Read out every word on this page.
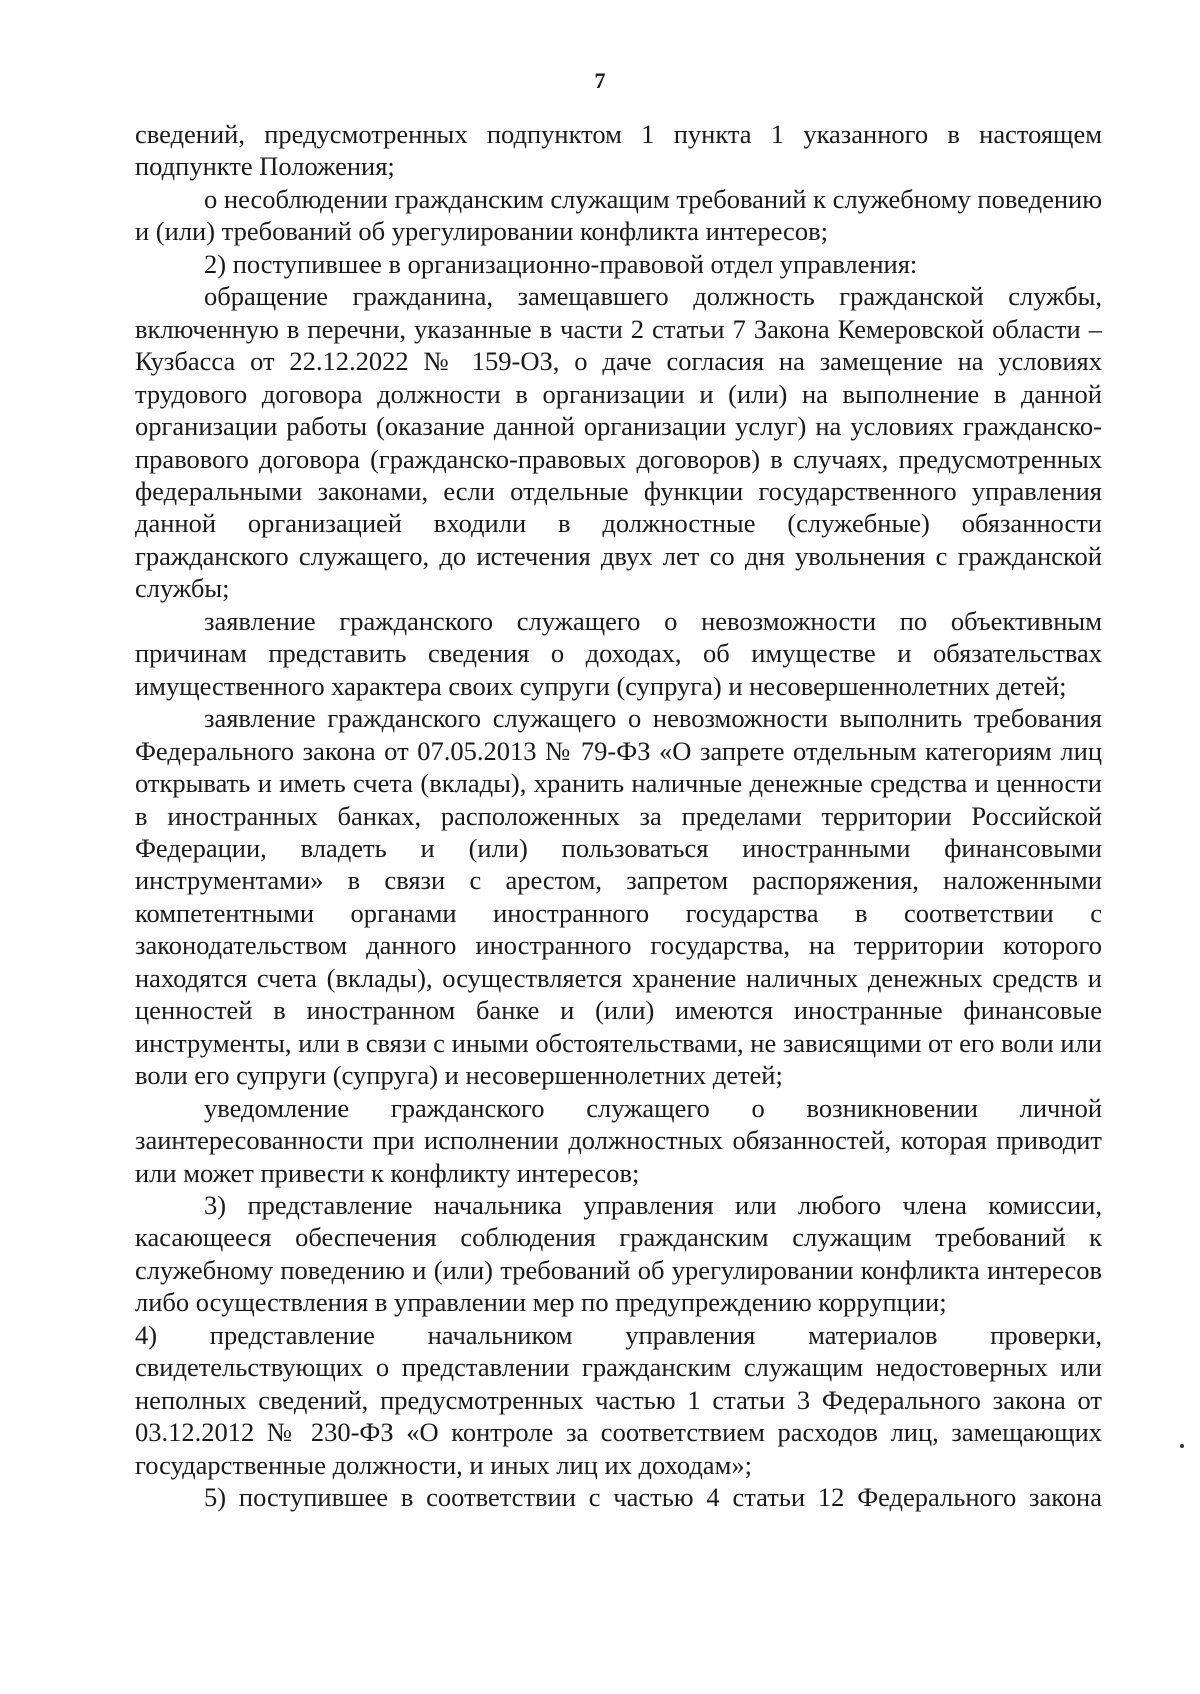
7

сведений, предусмотренных подпунктом 1 пункта 1 указанного в настоящем подпункте Положения;

о несоблюдении гражданским служащим требований к служебному поведению и (или) требований об урегулировании конфликта интересов;

2) поступившее в организационно-правовой отдел управления:

обращение гражданина, замещавшего должность гражданской службы, включенную в перечни, указанные в части 2 статьи 7 Закона Кемеровской области – Кузбасса от 22.12.2022 № 159-ОЗ, о даче согласия на замещение на условиях трудового договора должности в организации и (или) на выполнение в данной организации работы (оказание данной организации услуг) на условиях гражданско-правового договора (гражданско-правовых договоров) в случаях, предусмотренных федеральными законами, если отдельные функции государственного управления данной организацией входили в должностные (служебные) обязанности гражданского служащего, до истечения двух лет со дня увольнения с гражданской службы;

заявление гражданского служащего о невозможности по объективным причинам представить сведения о доходах, об имуществе и обязательствах имущественного характера своих супруги (супруга) и несовершеннолетних детей;

заявление гражданского служащего о невозможности выполнить требования Федерального закона от 07.05.2013 № 79-ФЗ «О запрете отдельным категориям лиц открывать и иметь счета (вклады), хранить наличные денежные средства и ценности в иностранных банках, расположенных за пределами территории Российской Федерации, владеть и (или) пользоваться иностранными финансовыми инструментами» в связи с арестом, запретом распоряжения, наложенными компетентными органами иностранного государства в соответствии с законодательством данного иностранного государства, на территории которого находятся счета (вклады), осуществляется хранение наличных денежных средств и ценностей в иностранном банке и (или) имеются иностранные финансовые инструменты, или в связи с иными обстоятельствами, не зависящими от его воли или воли его супруги (супруга) и несовершеннолетних детей;

уведомление гражданского служащего о возникновении личной заинтересованности при исполнении должностных обязанностей, которая приводит или может привести к конфликту интересов;

3) представление начальника управления или любого члена комиссии, касающееся обеспечения соблюдения гражданским служащим требований к служебному поведению и (или) требований об урегулировании конфликта интересов либо осуществления в управлении мер по предупреждению коррупции;

4) представление начальником управления материалов проверки, свидетельствующих о представлении гражданским служащим недостоверных или неполных сведений, предусмотренных частью 1 статьи 3 Федерального закона от 03.12.2012 № 230-ФЗ «О контроле за соответствием расходов лиц, замещающих государственные должности, и иных лиц их доходам»;

5) поступившее в соответствии с частью 4 статьи 12 Федерального закона
